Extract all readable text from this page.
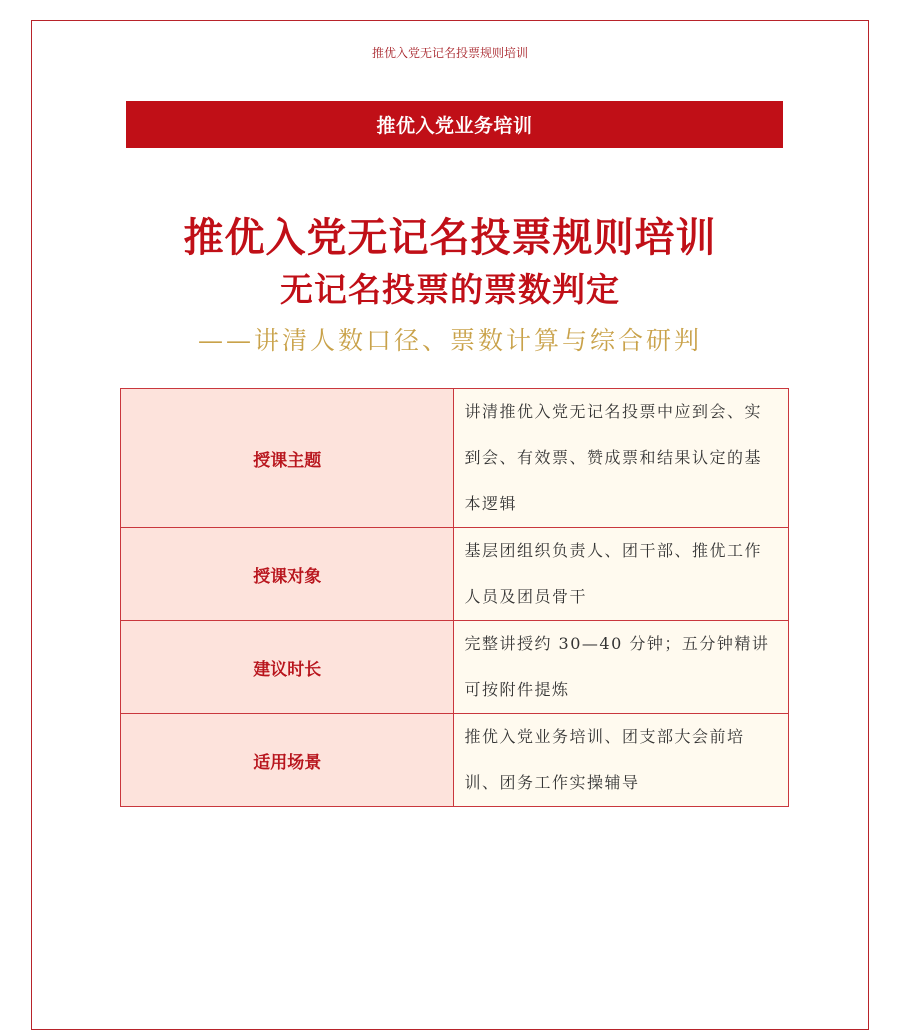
推优入党无记名投票规则培训
推优入党业务培训
推优入党无记名投票规则培训
无记名投票的票数判定
——讲清人数口径、票数计算与综合研判
授课主题	讲清推优入党无记名投票中应到会、实到会、有效票、赞成票和结果认定的基本逻辑
授课对象	基层团组织负责人、团干部、推优工作人员及团员骨干
建议时长	完整讲授约 30—40 分钟；五分钟精讲可按附件提炼
适用场景	推优入党业务培训、团支部大会前培训、团务工作实操辅导
